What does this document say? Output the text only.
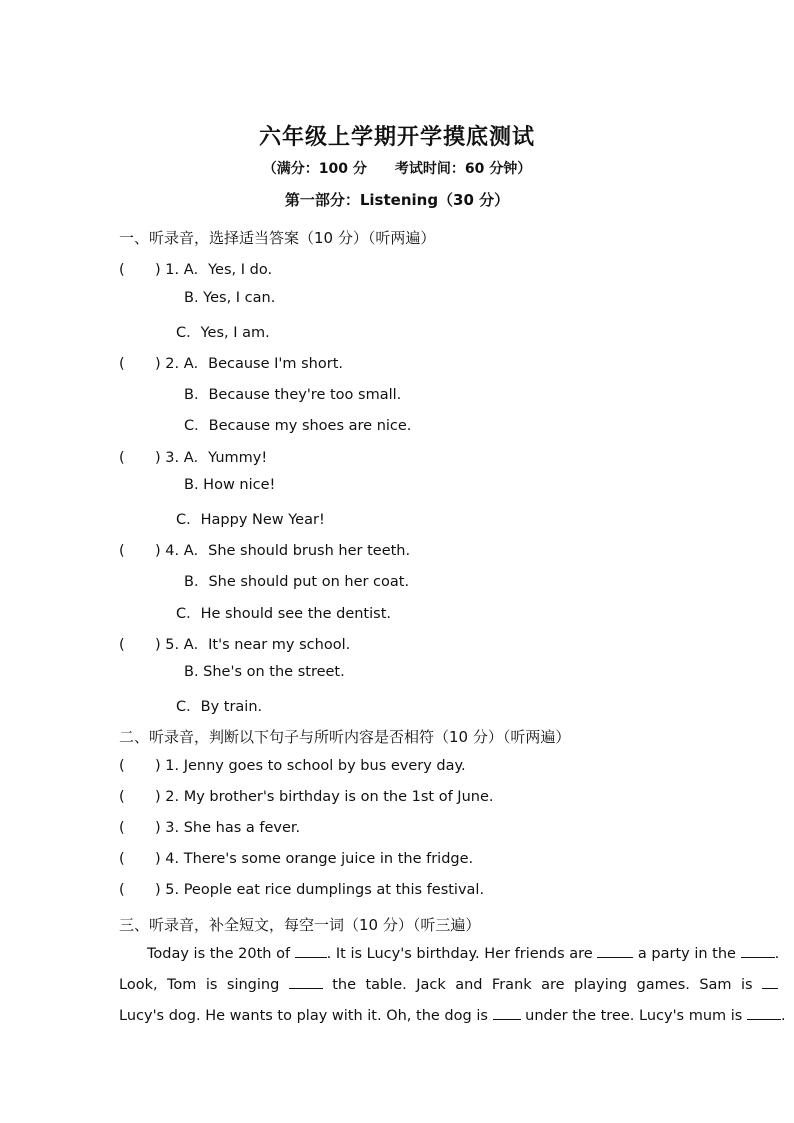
六年级上学期开学摸底测试
（满分：100 分 考试时间：60 分钟）
第一部分：Listening（30 分）
一、听录音，选择适当答案（10 分）（听两遍）
( ) 1. A．Yes, I do.
B. Yes, I can.
C．Yes, I am.
( ) 2. A．Because I'm short.
B．Because they're too small.
C．Because my shoes are nice.
( ) 3. A．Yummy!
B. How nice!
C．Happy New Year!
( ) 4. A．She should brush her teeth.
B．She should put on her coat.
C．He should see the dentist.
( ) 5. A．It's near my school.
B. She's on the street.
C．By train.
二、听录音，判断以下句子与所听内容是否相符（10 分）（听两遍）
( ) 1. Jenny goes to school by bus every day.
( ) 2. My brother's birthday is on the 1st of June.
( ) 3. She has a fever.
( ) 4. There's some orange juice in the fridge.
( ) 5. People eat rice dumplings at this festival.
三、听录音，补全短文，每空一词（10 分）（听三遍）
Today is the 20th of	. It is Lucy's birthday. Her friends are	a party in the	.
Look, Tom is singing	the table. Jack and Frank are playing games. Sam is
Lucy's dog. He wants to play with it. Oh, the dog is	under the tree. Lucy's mum is	.
